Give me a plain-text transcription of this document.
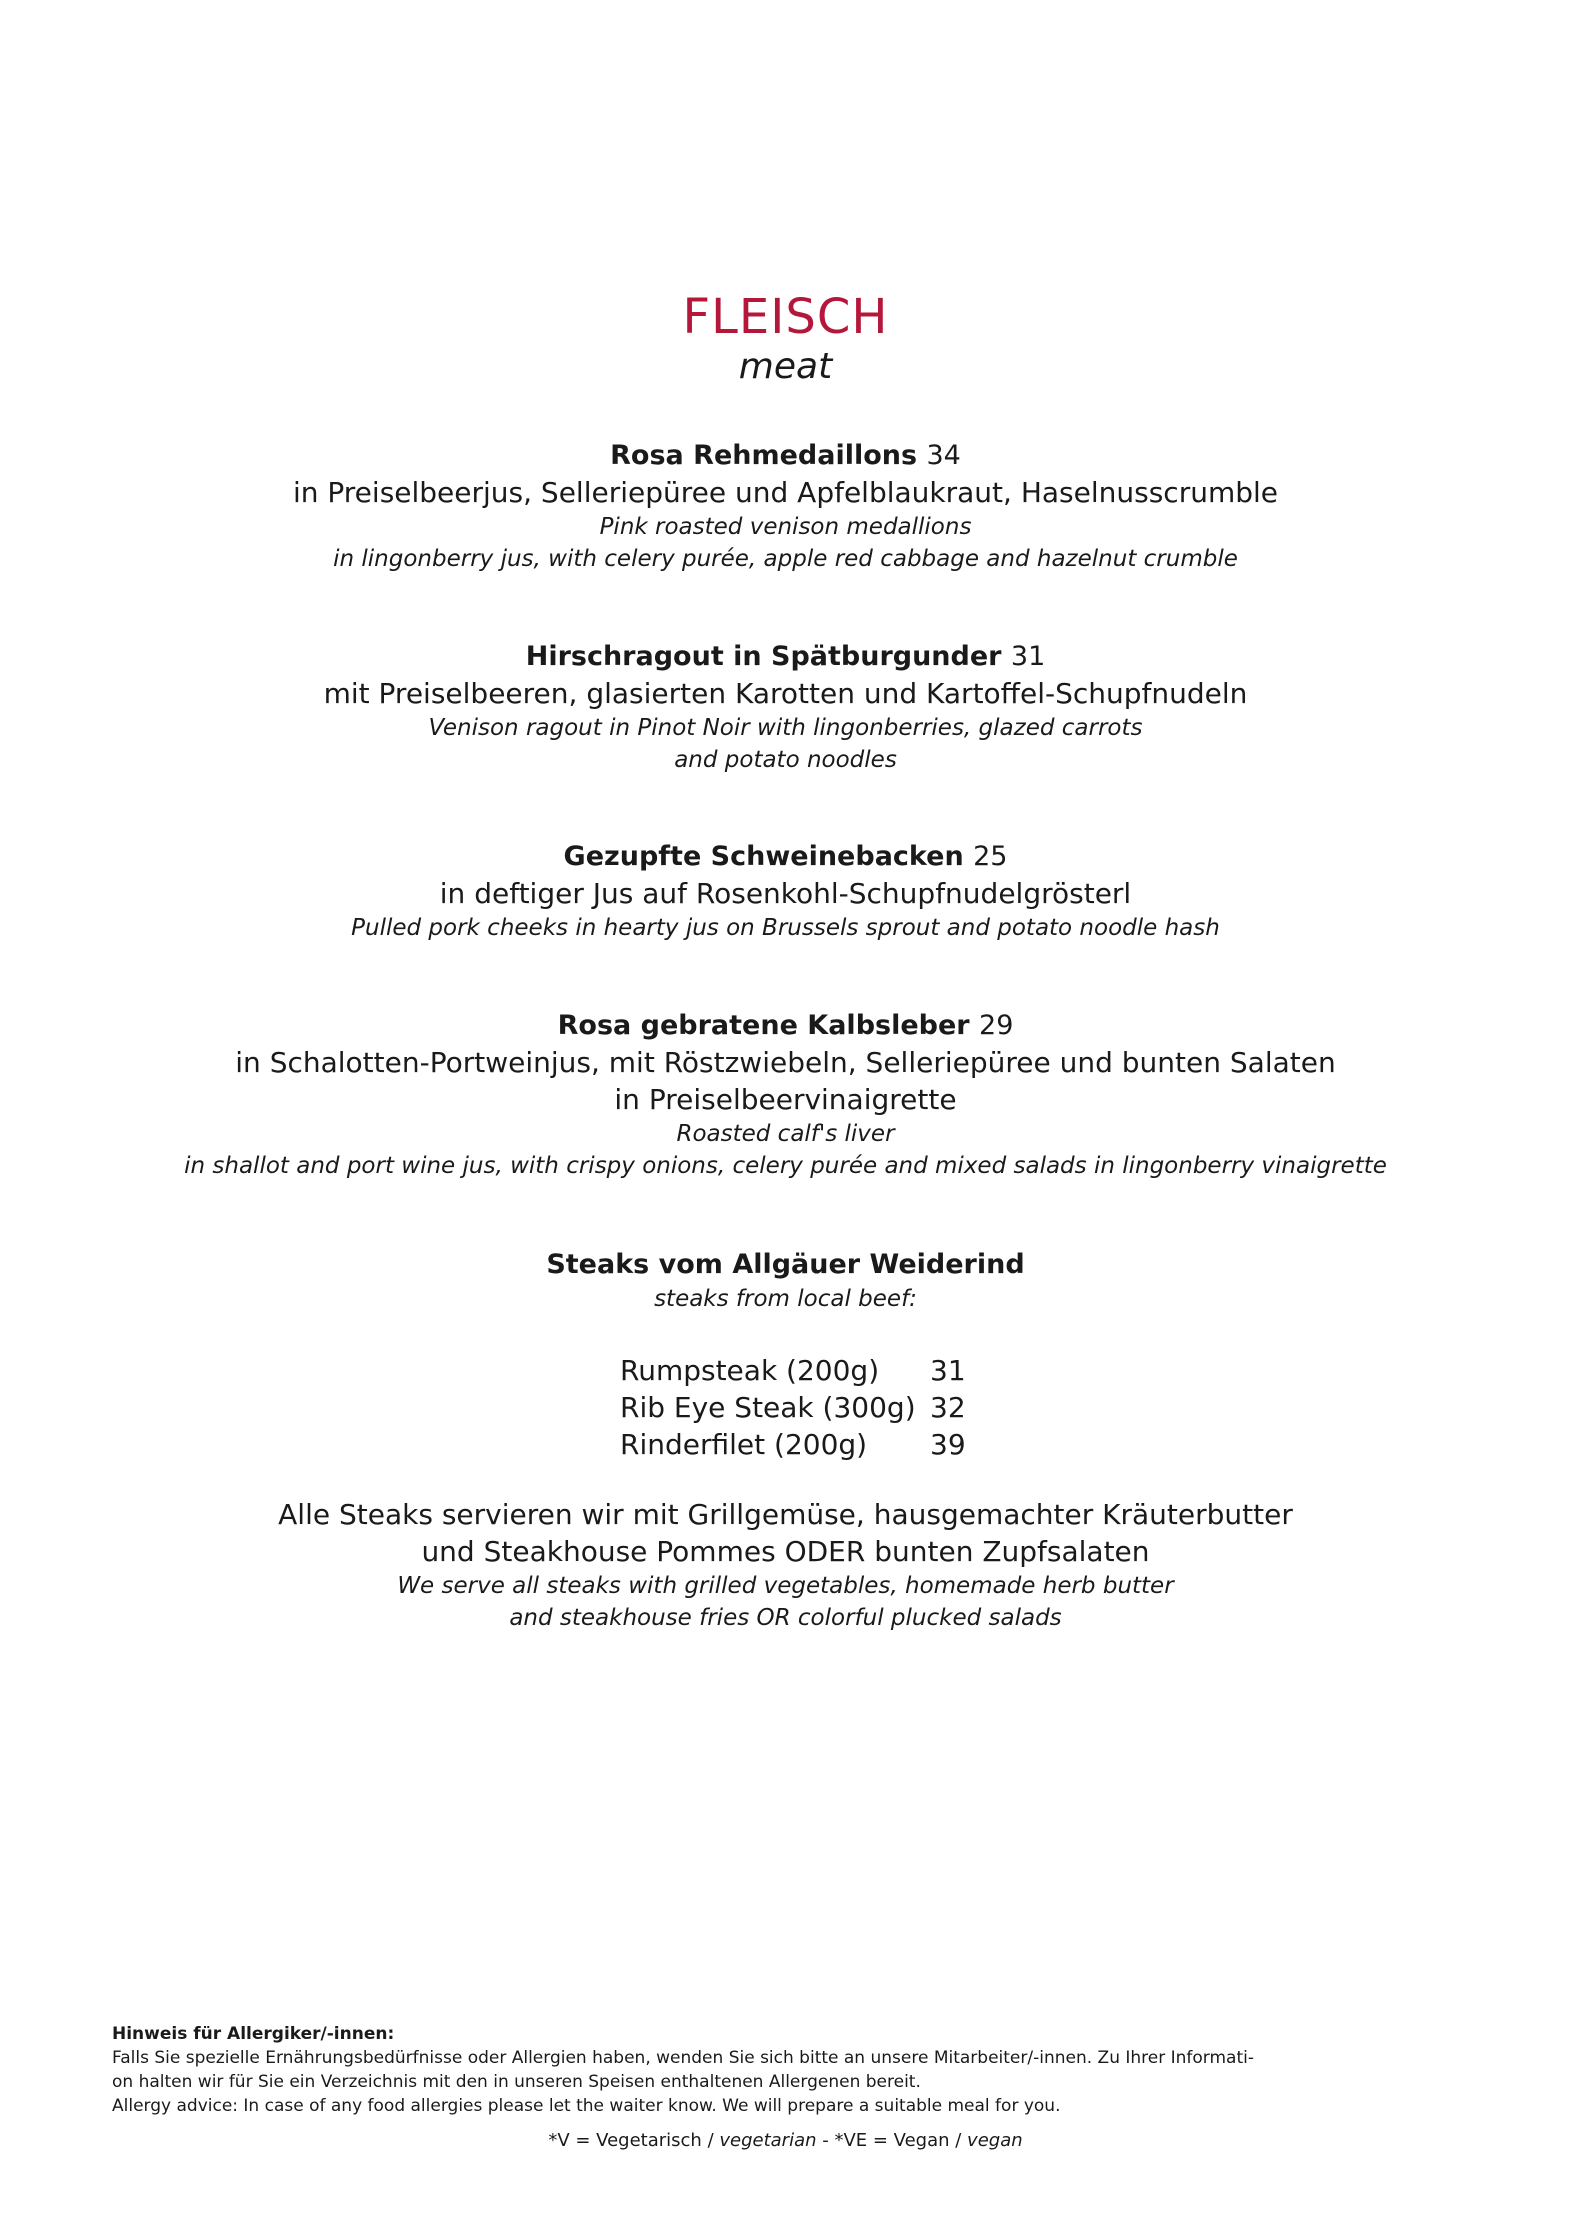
FLEISCH
meat
Rosa Rehmedaillons 34
in Preiselbeerjus, Selleriepüree und Apfelblaukraut, Haselnusscrumble
Pink roasted venison medallions
in lingonberry jus, with celery purée, apple red cabbage and hazelnut crumble
Hirschragout in Spätburgunder 31
mit Preiselbeeren, glasierten Karotten und Kartoffel-Schupfnudeln
Venison ragout in Pinot Noir with lingonberries, glazed carrots
and potato noodles
Gezupfte Schweinebacken 25
in deftiger Jus auf Rosenkohl-Schupfnudelgrösterl
Pulled pork cheeks in hearty jus on Brussels sprout and potato noodle hash
Rosa gebratene Kalbsleber 29
in Schalotten-Portweinjus, mit Röstzwiebeln, Selleriepüree und bunten Salaten
in Preiselbeervinaigrette
Roasted calf's liver
in shallot and port wine jus, with crispy onions, celery purée and mixed salads in lingonberry vinaigrette
Steaks vom Allgäuer Weiderind
steaks from local beef:
Rumpsteak (200g)	31
Rib Eye Steak (300g) 32
Rinderfilet (200g)	39
Alle Steaks servieren wir mit Grillgemüse, hausgemachter Kräuterbutter
und Steakhouse Pommes ODER bunten Zupfsalaten
We serve all steaks with grilled vegetables, homemade herb butter
and steakhouse fries OR colorful plucked salads
Hinweis für Allergiker/-innen:
Falls Sie spezielle Ernährungsbedürfnisse oder Allergien haben, wenden Sie sich bitte an unsere Mitarbeiter/-innen. Zu Ihrer Informati-
on halten wir für Sie ein Verzeichnis mit den in unseren Speisen enthaltenen Allergenen bereit.
Allergy advice: In case of any food allergies please let the waiter know. We will prepare a suitable meal for you.
*V = Vegetarisch / vegetarian - *VE = Vegan / vegan
